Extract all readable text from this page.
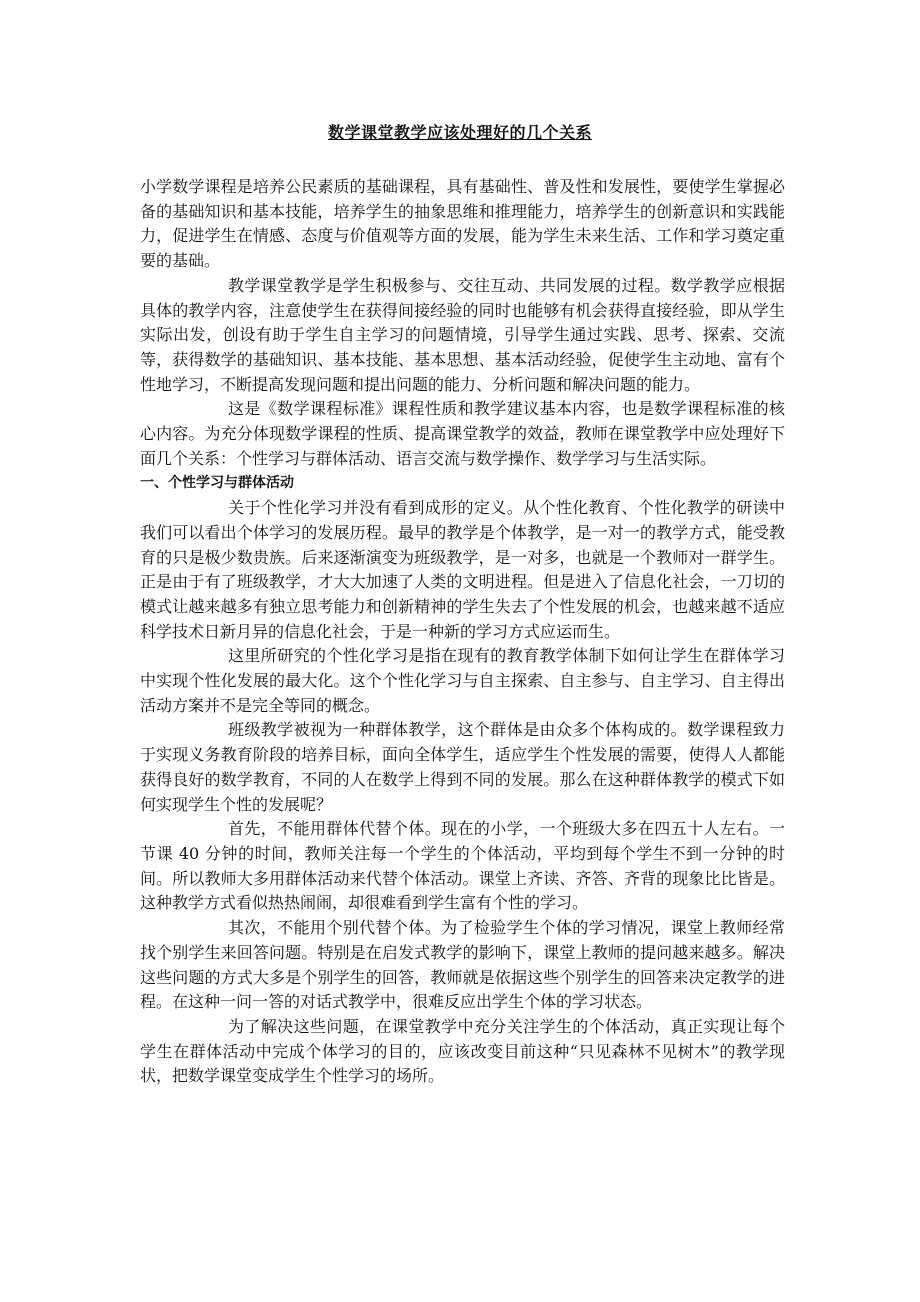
数学课堂教学应该处理好的几个关系

小学数学课程是培养公民素质的基础课程，具有基础性、普及性和发展性，要使学生掌握必备的基础知识和基本技能，培养学生的抽象思维和推理能力，培养学生的创新意识和实践能力，促进学生在情感、态度与价值观等方面的发展，能为学生未来生活、工作和学习奠定重要的基础。

教学课堂教学是学生积极参与、交往互动、共同发展的过程。数学教学应根据具体的教学内容，注意使学生在获得间接经验的同时也能够有机会获得直接经验，即从学生实际出发，创设有助于学生自主学习的问题情境，引导学生通过实践、思考、探索、交流等，获得数学的基础知识、基本技能、基本思想、基本活动经验，促使学生主动地、富有个性地学习，不断提高发现问题和提出问题的能力、分析问题和解决问题的能力。

这是《数学课程标准》课程性质和教学建议基本内容，也是数学课程标准的核心内容。为充分体现数学课程的性质、提高课堂教学的效益，教师在课堂教学中应处理好下面几个关系：个性学习与群体活动、语言交流与数学操作、数学学习与生活实际。

一、个性学习与群体活动

关于个性化学习并没有看到成形的定义。从个性化教育、个性化教学的研读中我们可以看出个体学习的发展历程。最早的教学是个体教学，是一对一的教学方式，能受教育的只是极少数贵族。后来逐渐演变为班级教学，是一对多，也就是一个教师对一群学生。正是由于有了班级教学，才大大加速了人类的文明进程。但是进入了信息化社会，一刀切的模式让越来越多有独立思考能力和创新精神的学生失去了个性发展的机会，也越来越不适应科学技术日新月异的信息化社会，于是一种新的学习方式应运而生。

这里所研究的个性化学习是指在现有的教育教学体制下如何让学生在群体学习中实现个性化发展的最大化。这个个性化学习与自主探索、自主参与、自主学习、自主得出活动方案并不是完全等同的概念。

班级教学被视为一种群体教学，这个群体是由众多个体构成的。数学课程致力于实现义务教育阶段的培养目标，面向全体学生，适应学生个性发展的需要，使得人人都能获得良好的数学教育，不同的人在数学上得到不同的发展。那么在这种群体教学的模式下如何实现学生个性的发展呢？

首先，不能用群体代替个体。现在的小学，一个班级大多在四五十人左右。一节课 40 分钟的时间，教师关注每一个学生的个体活动，平均到每个学生不到一分钟的时间。所以教师大多用群体活动来代替个体活动。课堂上齐读、齐答、齐背的现象比比皆是。这种教学方式看似热热闹闹，却很难看到学生富有个性的学习。

其次，不能用个别代替个体。为了检验学生个体的学习情况，课堂上教师经常找个别学生来回答问题。特别是在启发式教学的影响下，课堂上教师的提问越来越多。解决这些问题的方式大多是个别学生的回答，教师就是依据这些个别学生的回答来决定教学的进程。在这种一问一答的对话式教学中，很难反应出学生个体的学习状态。

为了解决这些问题，在课堂教学中充分关注学生的个体活动，真正实现让每个学生在群体活动中完成个体学习的目的，应该改变目前这种“只见森林不见树木”的教学现状，把数学课堂变成学生个性学习的场所。
